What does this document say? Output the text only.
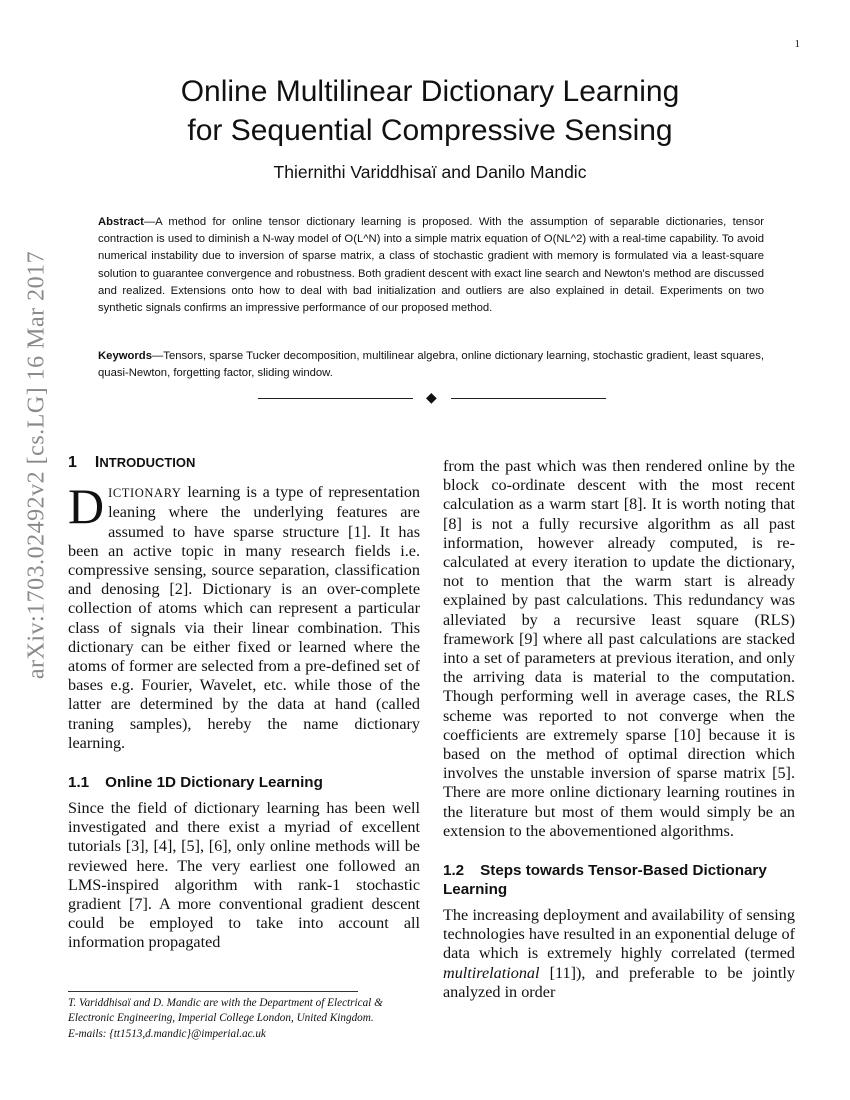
1
arXiv:1703.02492v2 [cs.LG] 16 Mar 2017
Online Multilinear Dictionary Learning
for Sequential Compressive Sensing
Thiernithi Variddhisaï and Danilo Mandic
Abstract—A method for online tensor dictionary learning is proposed. With the assumption of separable dictionaries, tensor contraction is used to diminish a N-way model of O(L^N) into a simple matrix equation of O(NL^2) with a real-time capability. To avoid numerical instability due to inversion of sparse matrix, a class of stochastic gradient with memory is formulated via a least-square solution to guarantee convergence and robustness. Both gradient descent with exact line search and Newton's method are discussed and realized. Extensions onto how to deal with bad initialization and outliers are also explained in detail. Experiments on two synthetic signals confirms an impressive performance of our proposed method.
Keywords—Tensors, sparse Tucker decomposition, multilinear algebra, online dictionary learning, stochastic gradient, least squares, quasi-Newton, forgetting factor, sliding window.
◆
1 INTRODUCTION

DICTIONARY learning is a type of representation leaning where the underlying features are assumed to have sparse structure [1]. It has been an active topic in many research fields i.e. compressive sensing, source separation, classification and denosing [2]. Dictionary is an over-complete collection of atoms which can represent a particular class of signals via their linear combination. This dictionary can be either fixed or learned where the atoms of former are selected from a pre-defined set of bases e.g. Fourier, Wavelet, etc. while those of the latter are determined by the data at hand (called traning samples), hereby the name dictionary learning.

1.1 Online 1D Dictionary Learning

Since the field of dictionary learning has been well investigated and there exist a myriad of excellent tutorials [3], [4], [5], [6], only online methods will be reviewed here. The very earliest one followed an LMS-inspired algorithm with rank-1 stochastic gradient [7]. A more conventional gradient descent could be employed to take into account all information propagated

from the past which was then rendered online by the block co-ordinate descent with the most recent calculation as a warm start [8]. It is worth noting that [8] is not a fully recursive algorithm as all past information, however already computed, is re-calculated at every iteration to update the dictionary, not to mention that the warm start is already explained by past calculations. This redundancy was alleviated by a recursive least square (RLS) framework [9] where all past calculations are stacked into a set of parameters at previous iteration, and only the arriving data is material to the computation. Though performing well in average cases, the RLS scheme was reported to not converge when the coefficients are extremely sparse [10] because it is based on the method of optimal direction which involves the unstable inversion of sparse matrix [5]. There are more online dictionary learning routines in the literature but most of them would simply be an extension to the abovementioned algorithms.

1.2 Steps towards Tensor-Based Dictionary Learning

The increasing deployment and availability of sensing technologies have resulted in an exponential deluge of data which is extremely highly correlated (termed multirelational [11]), and preferable to be jointly analyzed in order

T. Variddhisaï and D. Mandic are with the Department of Electrical &
Electronic Engineering, Imperial College London, United Kingdom.
E-mails: {tt1513,d.mandic}@imperial.ac.uk
